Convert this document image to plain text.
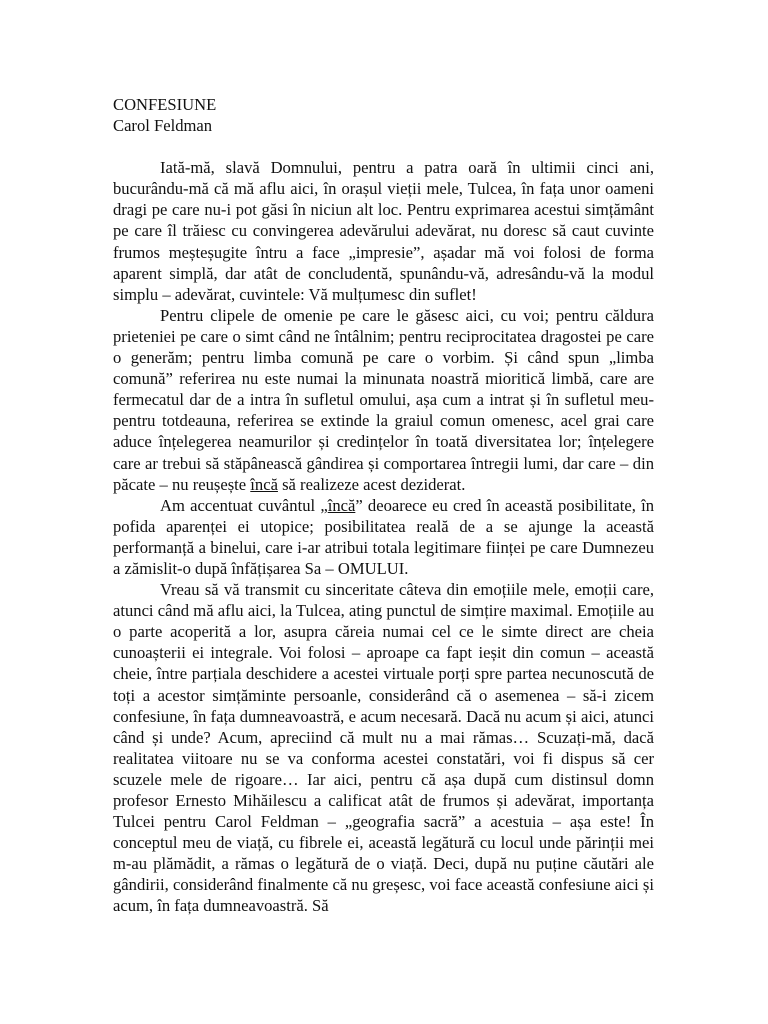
CONFESIUNE
Carol Feldman

Iată-mă, slavă Domnului, pentru a patra oară în ultimii cinci ani, bucurându-mă că mă aflu aici, în orașul vieții mele, Tulcea, în fața unor oameni dragi pe care nu-i pot găsi în niciun alt loc. Pentru exprimarea acestui simțământ pe care îl trăiesc cu convingerea adevărului adevărat, nu doresc să caut cuvinte frumos meșteșugite întru a face „impresie”, așadar mă voi folosi de forma aparent simplă, dar atât de concludentă, spunându-vă, adresându-vă la modul simplu – adevărat, cuvintele: Vă mulțumesc din suflet!

Pentru clipele de omenie pe care le găsesc aici, cu voi; pentru căldura prieteniei pe care o simt când ne întâlnim; pentru reciprocitatea dragostei pe care o generăm; pentru limba comună pe care o vorbim. Și când spun „limba comună” referirea nu este numai la minunata noastră mioritică limbă, care are fermecatul dar de a intra în sufletul omului, așa cum a intrat și în sufletul meu- pentru totdeauna, referirea se extinde la graiul comun omenesc, acel grai care aduce înțelegerea neamurilor și credințelor în toată diversitatea lor; înțelegere care ar trebui să stăpânească gândirea și comportarea întregii lumi, dar care – din păcate – nu reușește încă să realizeze acest deziderat.

Am accentuat cuvântul „încă” deoarece eu cred în această posibilitate, în pofida aparenței ei utopice; posibilitatea reală de a se ajunge la această performanță a binelui, care i-ar atribui totala legitimare ființei pe care Dumnezeu a zămislit-o după înfățișarea Sa – OMULUI.

Vreau să vă transmit cu sinceritate câteva din emoțiile mele, emoții care, atunci când mă aflu aici, la Tulcea, ating punctul de simțire maximal. Emoțiile au o parte acoperită a lor, asupra căreia numai cel ce le simte direct are cheia cunoașterii ei integrale. Voi folosi – aproape ca fapt ieșit din comun – această cheie, între parțiala deschidere a acestei virtuale porți spre partea necunoscută de toți a acestor simțăminte persoanle, considerând că o asemenea – să-i zicem confesiune, în fața dumneavoastră, e acum necesară. Dacă nu acum și aici, atunci când și unde? Acum, apreciind că mult nu a mai rămas… Scuzați-mă, dacă realitatea viitoare nu se va conforma acestei constatări, voi fi dispus să cer scuzele mele de rigoare… Iar aici, pentru că așa după cum distinsul domn profesor Ernesto Mihăilescu a calificat atât de frumos și adevărat, importanța Tulcei pentru Carol Feldman – „geografia sacră” a acestuia – așa este! În conceptul meu de viață, cu fibrele ei, această legătură cu locul unde părinții mei m-au plămădit, a rămas o legătură de o viață. Deci, după nu puține căutări ale gândirii, considerând finalmente că nu greșesc, voi face această confesiune aici și acum, în fața dumneavoastră. Să
